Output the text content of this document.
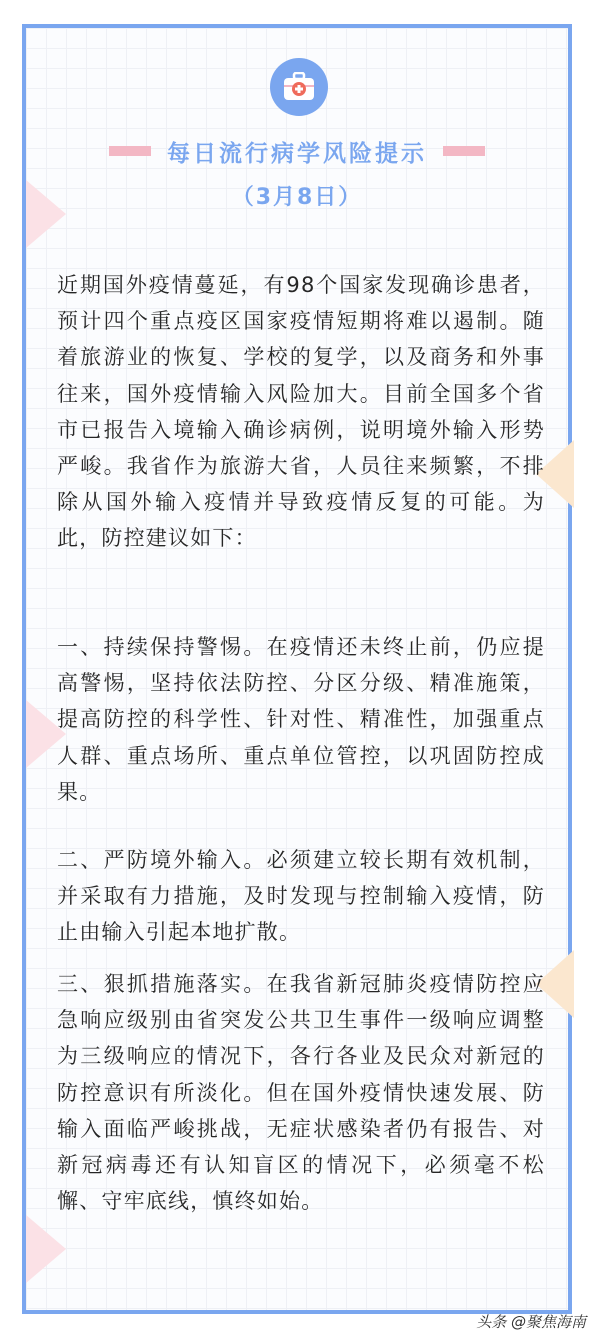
每日流行病学风险提示
（3月8日）

近期国外疫情蔓延，有98个国家发现确诊患者，预计四个重点疫区国家疫情短期将难以遏制。随着旅游业的恢复、学校的复学，以及商务和外事往来，国外疫情输入风险加大。目前全国多个省市已报告入境输入确诊病例，说明境外输入形势严峻。我省作为旅游大省，人员往来频繁，不排除从国外输入疫情并导致疫情反复的可能。为此，防控建议如下：

一、持续保持警惕。在疫情还未终止前，仍应提高警惕，坚持依法防控、分区分级、精准施策，提高防控的科学性、针对性、精准性，加强重点人群、重点场所、重点单位管控，以巩固防控成果。

二、严防境外输入。必须建立较长期有效机制，并采取有力措施，及时发现与控制输入疫情，防止由输入引起本地扩散。

三、狠抓措施落实。在我省新冠肺炎疫情防控应急响应级别由省突发公共卫生事件一级响应调整为三级响应的情况下，各行各业及民众对新冠的防控意识有所淡化。但在国外疫情快速发展、防输入面临严峻挑战，无症状感染者仍有报告、对新冠病毒还有认知盲区的情况下，必须毫不松懈、守牢底线，慎终如始。

头条 @聚焦海南
